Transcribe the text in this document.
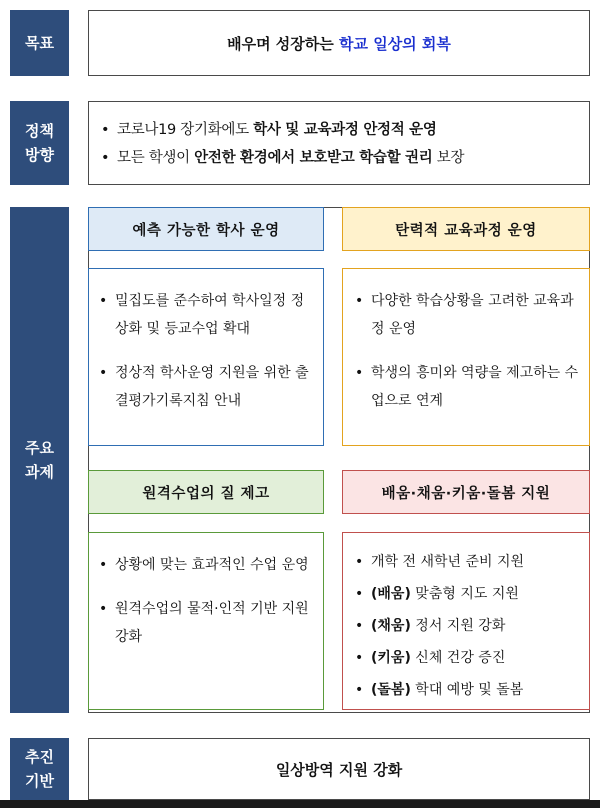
목표	배우며 성장하는 학교 일상의 회복
정책
방향
• 코로나19 장기화에도 학사 및 교육과정 안정적 운영
• 모든 학생이 안전한 환경에서 보호받고 학습할 권리 보장
주요
과제
예측 가능한 학사 운영
• 밀집도를 준수하여 학사일정 정상화 및 등교수업 확대
• 정상적 학사운영 지원을 위한 출결평가기록지침 안내
탄력적 교육과정 운영
• 다양한 학습상황을 고려한 교육과정 운영
• 학생의 흥미와 역량을 제고하는 수업으로 연계
원격수업의 질 제고
• 상황에 맞는 효과적인 수업 운영
• 원격수업의 물적·인적 기반 지원 강화
배움·채움·키움·돌봄 지원
• 개학 전 새학년 준비 지원
• (배움) 맞춤형 지도 지원
• (채움) 정서 지원 강화
• (키움) 신체 건강 증진
• (돌봄) 학대 예방 및 돌봄
추진
기반
일상방역 지원 강화
